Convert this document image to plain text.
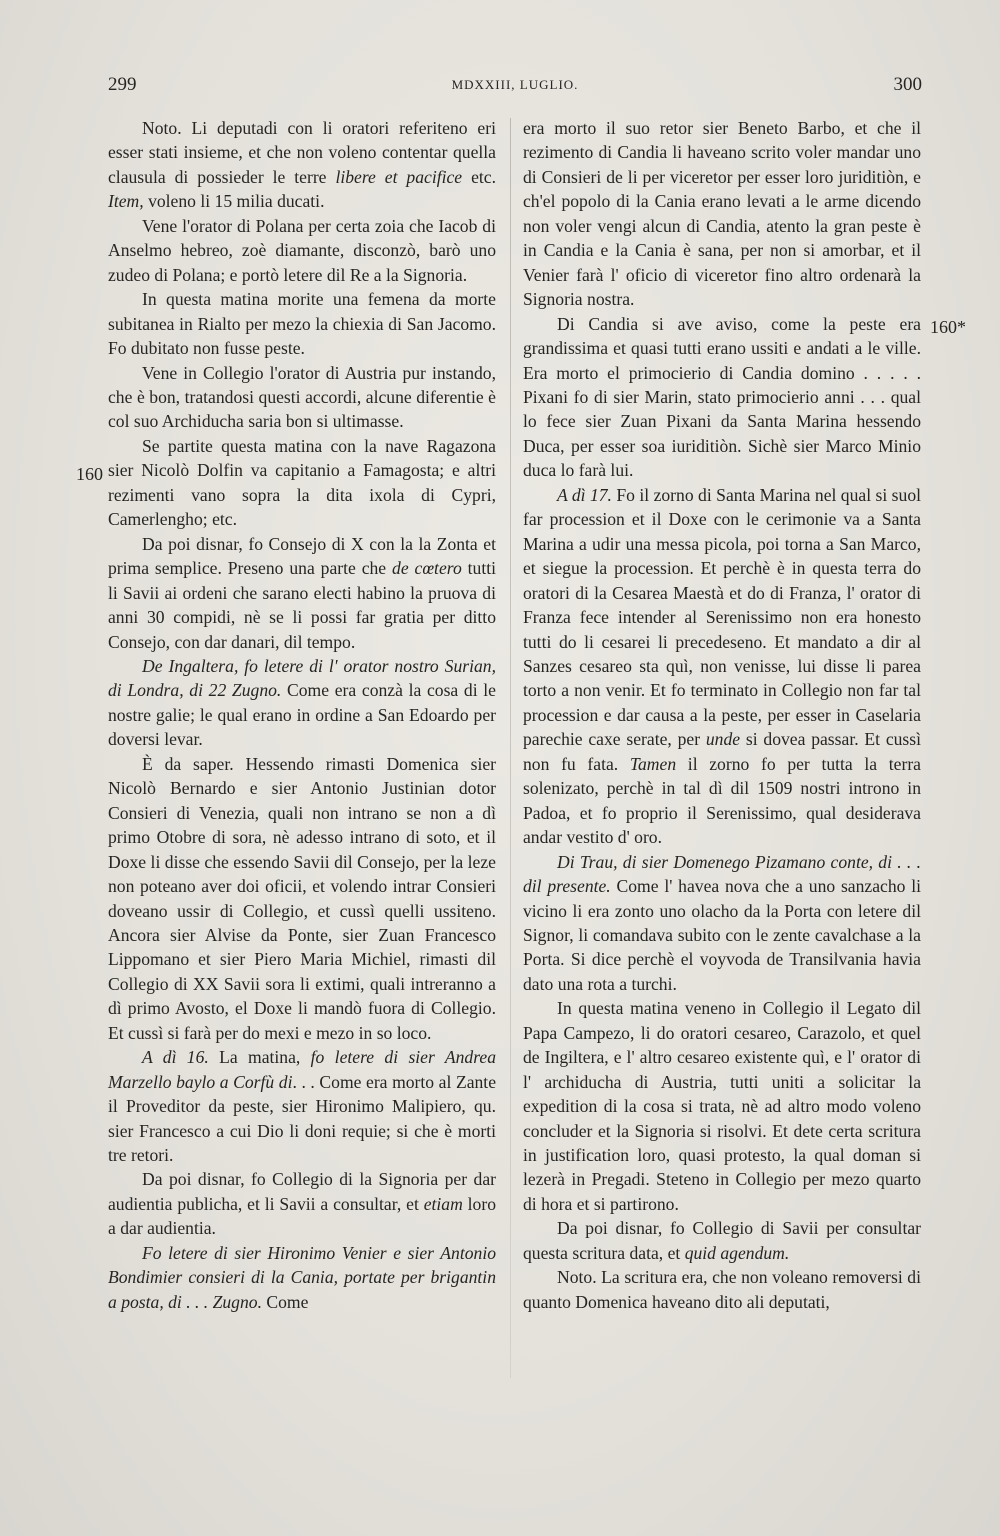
299	MDXXIII, LUGLIO.	300
160
160*

Noto. Li deputadi con li oratori referiteno eri esser stati insieme, et che non voleno contentar quella clausula di possieder le terre libere et pacifice etc. Item, voleno li 15 milia ducati.

Vene l'orator di Polana per certa zoia che Iacob di Anselmo hebreo, zoè diamante, disconzò, barò uno zudeo di Polana; e portò letere dil Re a la Signoria.

In questa matina morite una femena da morte subitanea in Rialto per mezo la chiexia di San Jacomo. Fo dubitato non fusse peste.

Vene in Collegio l'orator di Austria pur instando, che è bon, tratandosi questi accordi, alcune diferentie è col suo Archiducha saria bon si ultimasse.

Se partite questa matina con la nave Ragazona sier Nicolò Dolfin va capitanio a Famagosta; e altri rezimenti vano sopra la dita ixola di Cypri, Camerlengho; etc.

Da poi disnar, fo Consejo di X con la la Zonta et prima semplice. Preseno una parte che de cœtero tutti li Savii ai ordeni che sarano electi habino la pruova di anni 30 compidi, nè se li possi far gratia per ditto Consejo, con dar danari, dil tempo.

De Ingaltera, fo letere di l' orator nostro Surian, di Londra, di 22 Zugno. Come era conzà la cosa di le nostre galie; le qual erano in ordine a San Edoardo per doversi levar.

È da saper. Hessendo rimasti Domenica sier Nicolò Bernardo e sier Antonio Justinian dotor Consieri di Venezia, quali non intrano se non a dì primo Otobre di sora, nè adesso intrano di soto, et il Doxe li disse che essendo Savii dil Consejo, per la leze non poteano aver doi oficii, et volendo intrar Consieri doveano ussir di Collegio, et cussì quelli ussiteno. Ancora sier Alvise da Ponte, sier Zuan Francesco Lippomano et sier Piero Maria Michiel, rimasti dil Collegio di XX Savii sora li extimi, quali intreranno a dì primo Avosto, el Doxe li mandò fuora di Collegio. Et cussì si farà per do mexi e mezo in so loco.

A dì 16. La matina, fo letere di sier Andrea Marzello baylo a Corfù di. . . Come era morto al Zante il Proveditor da peste, sier Hironimo Malipiero, qu. sier Francesco a cui Dio li doni requie; si che è morti tre retori.

Da poi disnar, fo Collegio di la Signoria per dar audientia publicha, et li Savii a consultar, et etiam loro a dar audientia.

Fo letere di sier Hironimo Venier e sier Antonio Bondimier consieri di la Cania, portate per brigantin a posta, di . . . Zugno. Come

era morto il suo retor sier Beneto Barbo, et che il rezimento di Candia li haveano scrito voler mandar uno di Consieri de li per viceretor per esser loro juriditiòn, e ch'el popolo di la Cania erano levati a le arme dicendo non voler vengi alcun di Candia, atento la gran peste è in Candia e la Cania è sana, per non si amorbar, et il Venier farà l' oficio di viceretor fino altro ordenarà la Signoria nostra.

Di Candia si ave aviso, come la peste era grandissima et quasi tutti erano ussiti e andati a le ville. Era morto el primocierio di Candia domino . . . . . Pixani fo di sier Marin, stato primocierio anni . . . qual lo fece sier Zuan Pixani da Santa Marina hessendo Duca, per esser soa iuriditiòn. Sichè sier Marco Minio duca lo farà lui.

A dì 17. Fo il zorno di Santa Marina nel qual si suol far procession et il Doxe con le cerimonie va a Santa Marina a udir una messa picola, poi torna a San Marco, et siegue la procession. Et perchè è in questa terra do oratori di la Cesarea Maestà et do di Franza, l' orator di Franza fece intender al Serenissimo non era honesto tutti do li cesarei li precedeseno. Et mandato a dir al Sanzes cesareo sta quì, non venisse, lui disse li parea torto a non venir. Et fo terminato in Collegio non far tal procession e dar causa a la peste, per esser in Caselaria parechie caxe serate, per unde si dovea passar. Et cussì non fu fata. Tamen il zorno fo per tutta la terra solenizato, perchè in tal dì dil 1509 nostri introno in Padoa, et fo proprio il Serenissimo, qual desiderava andar vestito d' oro.

Di Trau, di sier Domenego Pizamano conte, di . . . dil presente. Come l' havea nova che a uno sanzacho li vicino li era zonto uno olacho da la Porta con letere dil Signor, li comandava subito con le zente cavalchase a la Porta. Si dice perchè el voyvoda de Transilvania havia dato una rota a turchi.

In questa matina veneno in Collegio il Legato dil Papa Campezo, li do oratori cesareo, Carazolo, et quel de Ingiltera, e l' altro cesareo existente quì, e l' orator di l' archiducha di Austria, tutti uniti a solicitar la expedition di la cosa si trata, nè ad altro modo voleno concluder et la Signoria si risolvi. Et dete certa scritura in justification loro, quasi protesto, la qual doman si lezerà in Pregadi. Steteno in Collegio per mezo quarto di hora et si partirono.

Da poi disnar, fo Collegio di Savii per consultar questa scritura data, et quid agendum.

Noto. La scritura era, che non voleano removersi di quanto Domenica haveano dito ali deputati,
